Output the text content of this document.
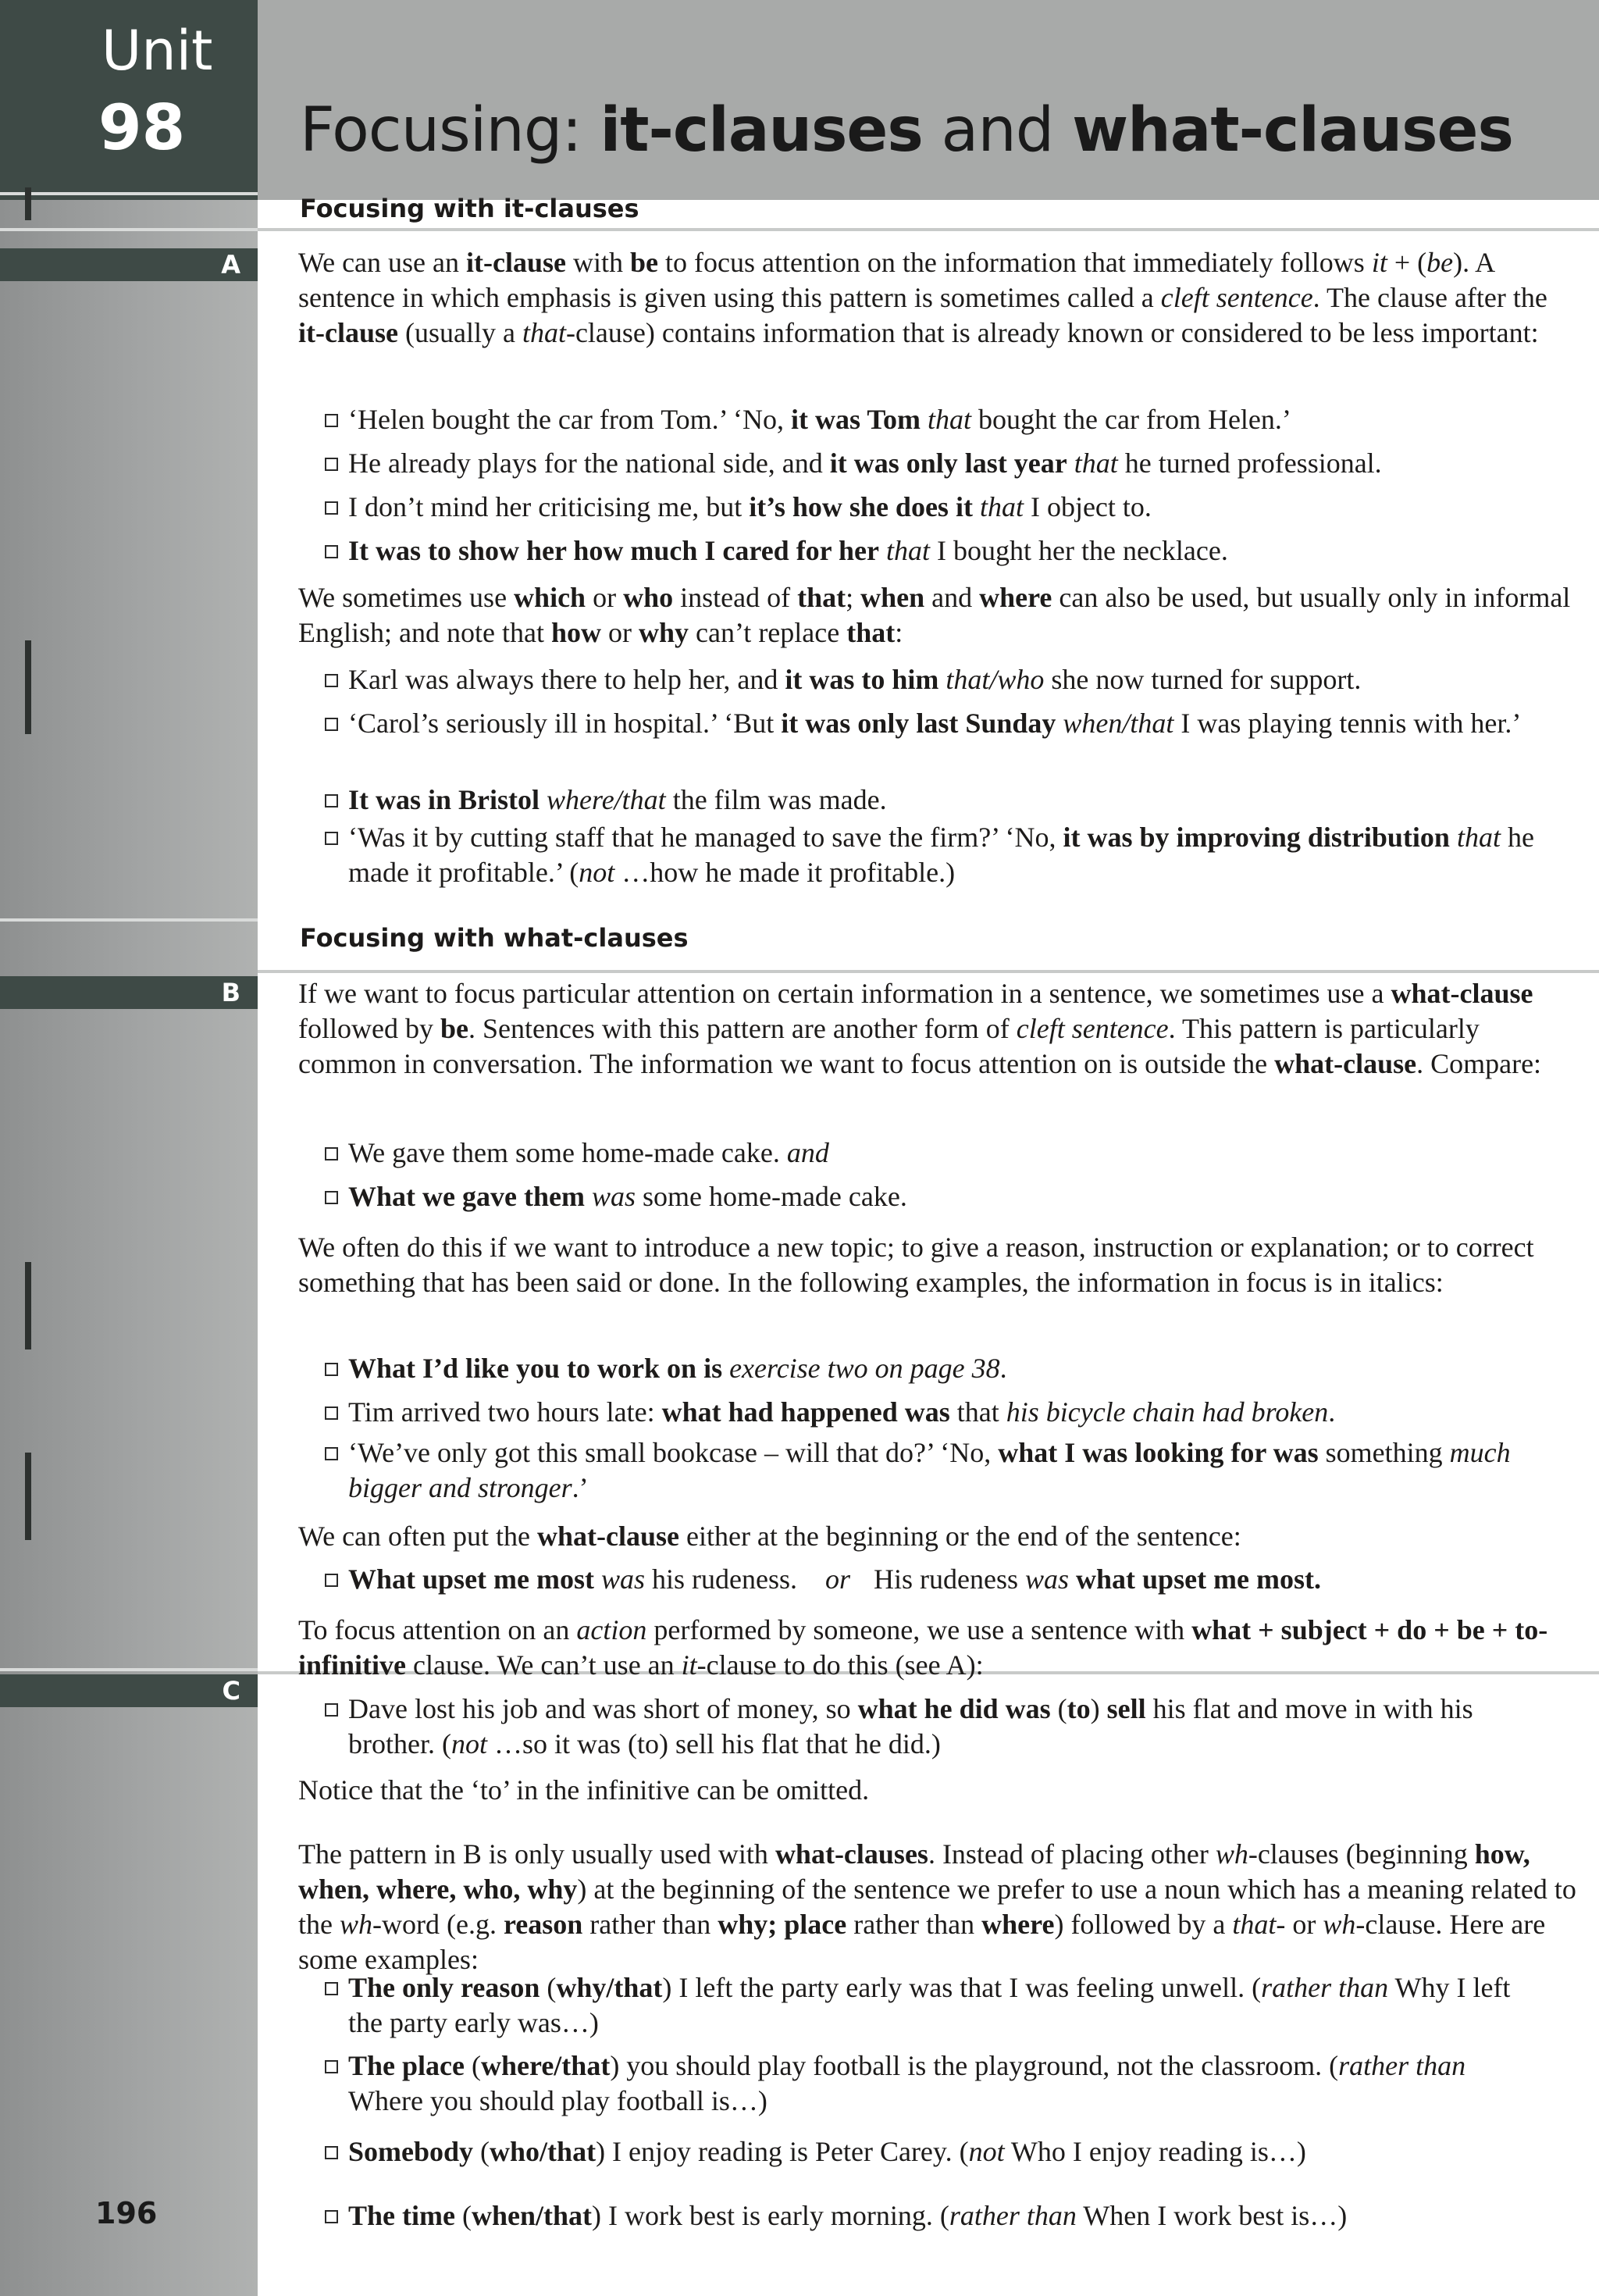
Unit
98 Focusing: it-clauses and what-clauses
A
B
C
Focusing with it-clauses
Focusing with what-clauses

We can use an it-clause with be to focus attention on the information that immediately follows it + (be). A sentence in which emphasis is given using this pattern is sometimes called a cleft sentence. The clause after the it-clause (usually a that-clause) contains information that is already known or considered to be less important:

‘Helen bought the car from Tom.’ ‘No, it was Tom that bought the car from Helen.’

He already plays for the national side, and it was only last year that he turned professional.

I don’t mind her criticising me, but it’s how she does it that I object to.

It was to show her how much I cared for her that I bought her the necklace.

We sometimes use which or who instead of that; when and where can also be used, but usually only in informal English; and note that how or why can’t replace that:

Karl was always there to help her, and it was to him that/who she now turned for support.

‘Carol’s seriously ill in hospital.’ ‘But it was only last Sunday when/that I was playing tennis with her.’

It was in Bristol where/that the film was made.

‘Was it by cutting staff that he managed to save the firm?’ ‘No, it was by improving distribution that he made it profitable.’ (not …how he made it profitable.)

If we want to focus particular attention on certain information in a sentence, we sometimes use a what-clause followed by be. Sentences with this pattern are another form of cleft sentence. This pattern is particularly common in conversation. The information we want to focus attention on is outside the what-clause. Compare:

We gave them some home-made cake. and

What we gave them was some home-made cake.

We often do this if we want to introduce a new topic; to give a reason, instruction or explanation; or to correct something that has been said or done. In the following examples, the information in focus is in italics:

What I’d like you to work on is exercise two on page 38.

Tim arrived two hours late: what had happened was that his bicycle chain had broken.

‘We’ve only got this small bookcase – will that do?’ ‘No, what I was looking for was something much bigger and stronger.’

We can often put the what-clause either at the beginning or the end of the sentence:

What upset me most was his rudeness. or His rudeness was what upset me most.

To focus attention on an action performed by someone, we use a sentence with what + subject + do + be + to-infinitive clause. We can’t use an it-clause to do this (see A):

Dave lost his job and was short of money, so what he did was (to) sell his flat and move in with his brother. (not …so it was (to) sell his flat that he did.)

Notice that the ‘to’ in the infinitive can be omitted.

The pattern in B is only usually used with what-clauses. Instead of placing other wh-clauses (beginning how, when, where, who, why) at the beginning of the sentence we prefer to use a noun which has a meaning related to the wh-word (e.g. reason rather than why; place rather than where) followed by a that- or wh-clause. Here are some examples:

The only reason (why/that) I left the party early was that I was feeling unwell. (rather than Why I left the party early was…)

The place (where/that) you should play football is the playground, not the classroom. (rather than Where you should play football is…)

Somebody (who/that) I enjoy reading is Peter Carey. (not Who I enjoy reading is…)

The time (when/that) I work best is early morning. (rather than When I work best is…)

196
